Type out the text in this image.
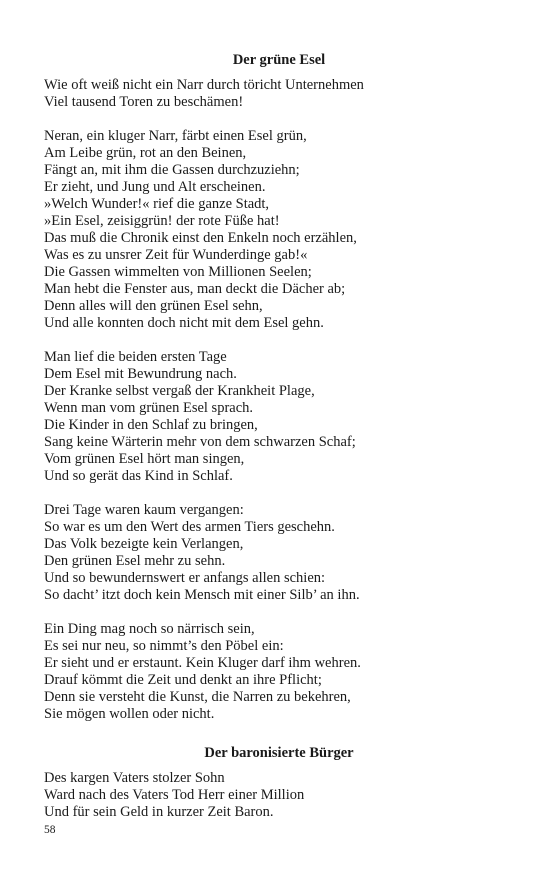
Der grüne Esel
Wie oft weiß nicht ein Narr durch töricht Unternehmen
Viel tausend Toren zu beschämen!
Neran, ein kluger Narr, färbt einen Esel grün,
Am Leibe grün, rot an den Beinen,
Fängt an, mit ihm die Gassen durchzuziehn;
Er zieht, und Jung und Alt erscheinen.
»Welch Wunder!« rief die ganze Stadt,
»Ein Esel, zeisiggrün! der rote Füße hat!
Das muß die Chronik einst den Enkeln noch erzählen,
Was es zu unsrer Zeit für Wunderdinge gab!«
Die Gassen wimmelten von Millionen Seelen;
Man hebt die Fenster aus, man deckt die Dächer ab;
Denn alles will den grünen Esel sehn,
Und alle konnten doch nicht mit dem Esel gehn.
Man lief die beiden ersten Tage
Dem Esel mit Bewundrung nach.
Der Kranke selbst vergaß der Krankheit Plage,
Wenn man vom grünen Esel sprach.
Die Kinder in den Schlaf zu bringen,
Sang keine Wärterin mehr von dem schwarzen Schaf;
Vom grünen Esel hört man singen,
Und so gerät das Kind in Schlaf.
Drei Tage waren kaum vergangen:
So war es um den Wert des armen Tiers geschehn.
Das Volk bezeigte kein Verlangen,
Den grünen Esel mehr zu sehn.
Und so bewundernswert er anfangs allen schien:
So dacht’ itzt doch kein Mensch mit einer Silb’ an ihn.
Ein Ding mag noch so närrisch sein,
Es sei nur neu, so nimmt’s den Pöbel ein:
Er sieht und er erstaunt. Kein Kluger darf ihm wehren.
Drauf kömmt die Zeit und denkt an ihre Pflicht;
Denn sie versteht die Kunst, die Narren zu bekehren,
Sie mögen wollen oder nicht.
Der baronisierte Bürger
Des kargen Vaters stolzer Sohn
Ward nach des Vaters Tod Herr einer Million
Und für sein Geld in kurzer Zeit Baron.
58
